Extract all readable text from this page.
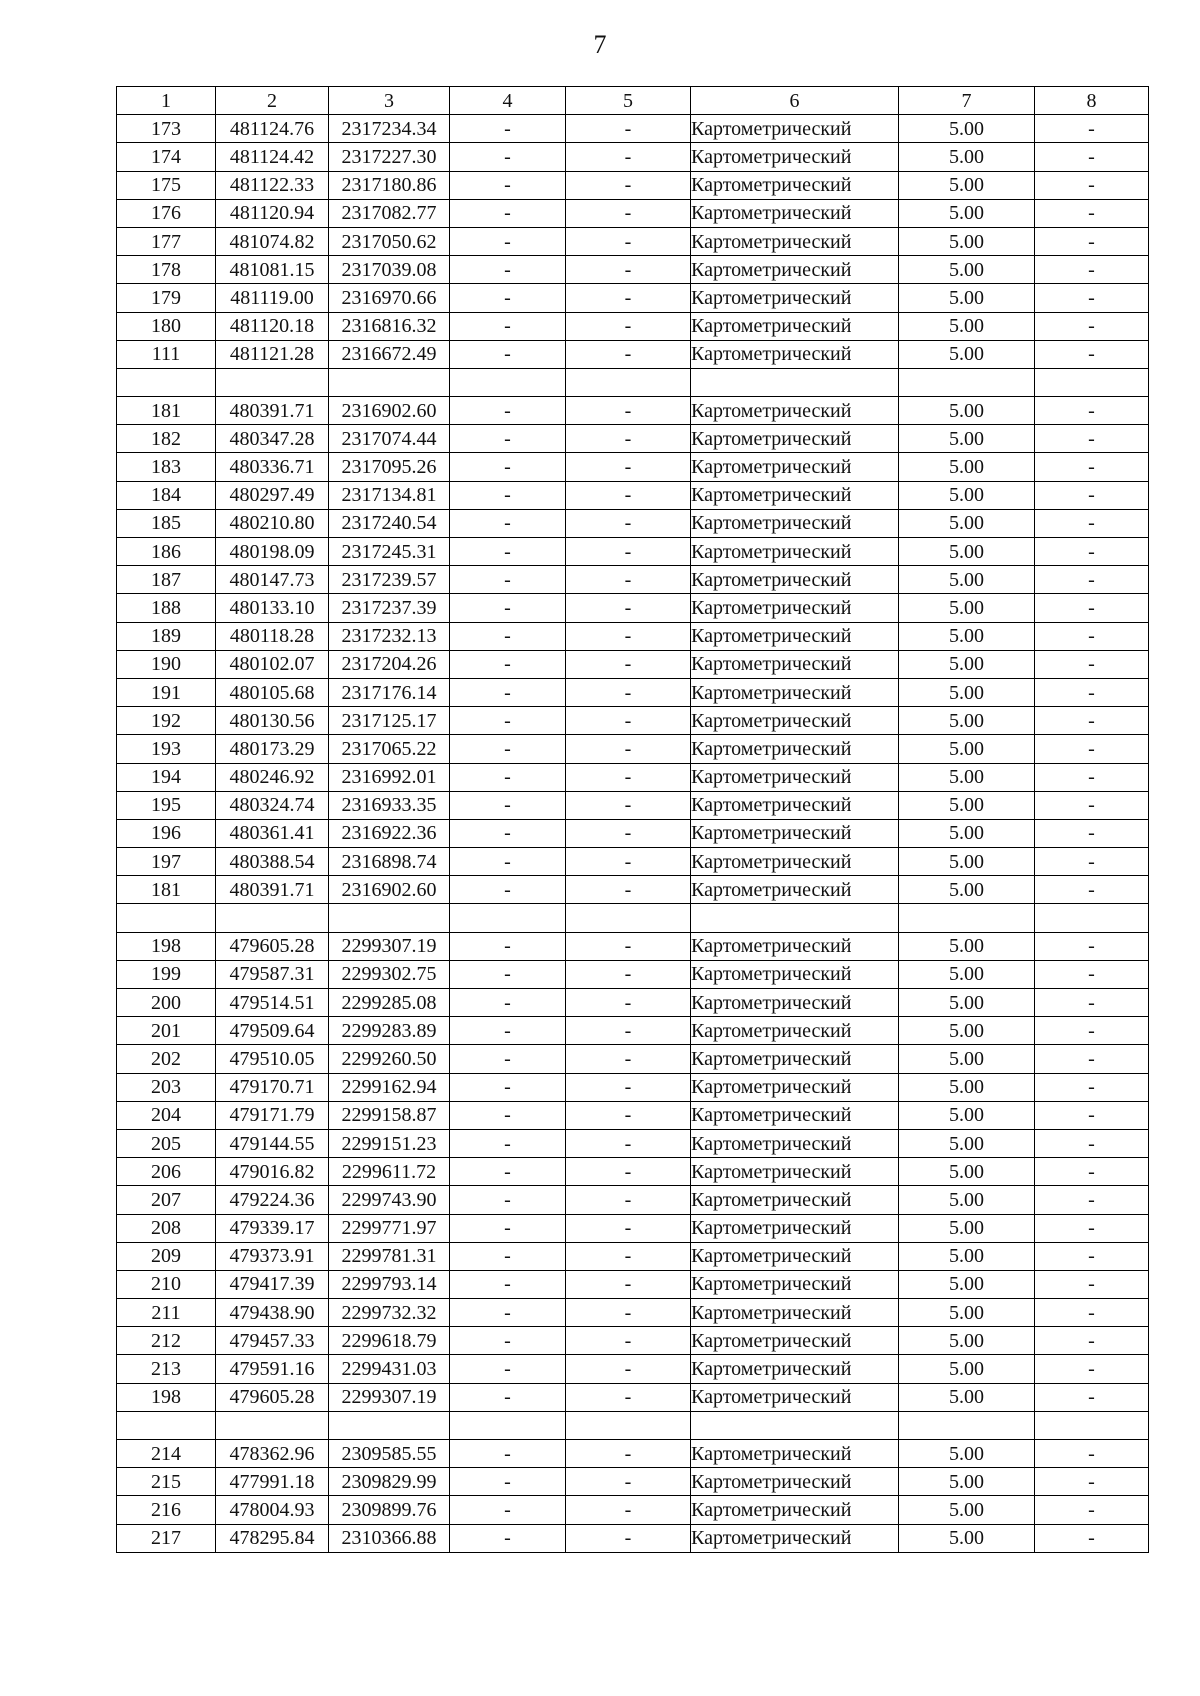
7
1	2	3	4	5	6	7	8
173	481124.76	2317234.34	-	-	Картометрический	5.00	-
174	481124.42	2317227.30	-	-	Картометрический	5.00	-
175	481122.33	2317180.86	-	-	Картометрический	5.00	-
176	481120.94	2317082.77	-	-	Картометрический	5.00	-
177	481074.82	2317050.62	-	-	Картометрический	5.00	-
178	481081.15	2317039.08	-	-	Картометрический	5.00	-
179	481119.00	2316970.66	-	-	Картометрический	5.00	-
180	481120.18	2316816.32	-	-	Картометрический	5.00	-
111	481121.28	2316672.49	-	-	Картометрический	5.00	-

181	480391.71	2316902.60	-	-	Картометрический	5.00	-
182	480347.28	2317074.44	-	-	Картометрический	5.00	-
183	480336.71	2317095.26	-	-	Картометрический	5.00	-
184	480297.49	2317134.81	-	-	Картометрический	5.00	-
185	480210.80	2317240.54	-	-	Картометрический	5.00	-
186	480198.09	2317245.31	-	-	Картометрический	5.00	-
187	480147.73	2317239.57	-	-	Картометрический	5.00	-
188	480133.10	2317237.39	-	-	Картометрический	5.00	-
189	480118.28	2317232.13	-	-	Картометрический	5.00	-
190	480102.07	2317204.26	-	-	Картометрический	5.00	-
191	480105.68	2317176.14	-	-	Картометрический	5.00	-
192	480130.56	2317125.17	-	-	Картометрический	5.00	-
193	480173.29	2317065.22	-	-	Картометрический	5.00	-
194	480246.92	2316992.01	-	-	Картометрический	5.00	-
195	480324.74	2316933.35	-	-	Картометрический	5.00	-
196	480361.41	2316922.36	-	-	Картометрический	5.00	-
197	480388.54	2316898.74	-	-	Картометрический	5.00	-
181	480391.71	2316902.60	-	-	Картометрический	5.00	-

198	479605.28	2299307.19	-	-	Картометрический	5.00	-
199	479587.31	2299302.75	-	-	Картометрический	5.00	-
200	479514.51	2299285.08	-	-	Картометрический	5.00	-
201	479509.64	2299283.89	-	-	Картометрический	5.00	-
202	479510.05	2299260.50	-	-	Картометрический	5.00	-
203	479170.71	2299162.94	-	-	Картометрический	5.00	-
204	479171.79	2299158.87	-	-	Картометрический	5.00	-
205	479144.55	2299151.23	-	-	Картометрический	5.00	-
206	479016.82	2299611.72	-	-	Картометрический	5.00	-
207	479224.36	2299743.90	-	-	Картометрический	5.00	-
208	479339.17	2299771.97	-	-	Картометрический	5.00	-
209	479373.91	2299781.31	-	-	Картометрический	5.00	-
210	479417.39	2299793.14	-	-	Картометрический	5.00	-
211	479438.90	2299732.32	-	-	Картометрический	5.00	-
212	479457.33	2299618.79	-	-	Картометрический	5.00	-
213	479591.16	2299431.03	-	-	Картометрический	5.00	-
198	479605.28	2299307.19	-	-	Картометрический	5.00	-

214	478362.96	2309585.55	-	-	Картометрический	5.00	-
215	477991.18	2309829.99	-	-	Картометрический	5.00	-
216	478004.93	2309899.76	-	-	Картометрический	5.00	-
217	478295.84	2310366.88	-	-	Картометрический	5.00	-
